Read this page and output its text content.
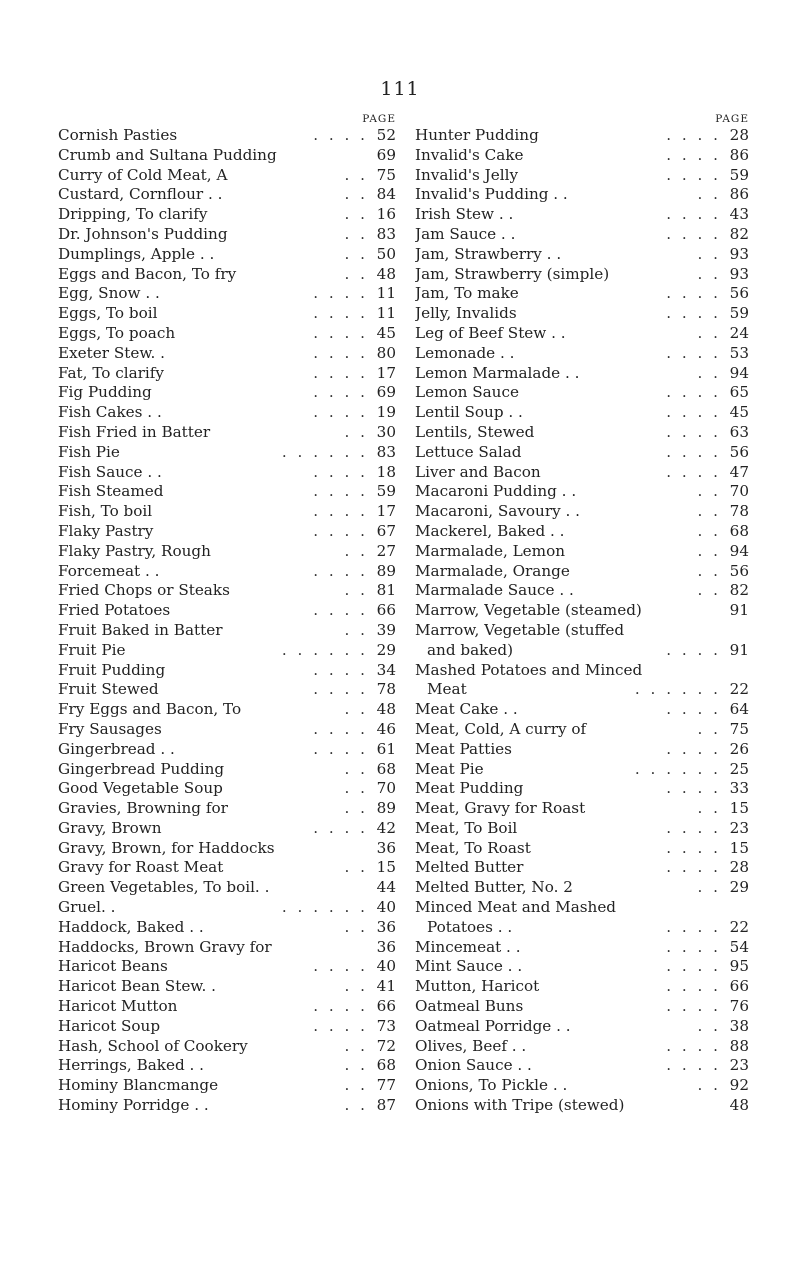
111
PAGE
Cornish Pasties	. . . . 52
Crumb and Sultana Pudding	69
Curry of Cold Meat, A	. . 75
Custard, Cornflour . .	. . 84
Dripping, To clarify	. . 16
Dr. Johnson's Pudding	. . 83
Dumplings, Apple . .	. . 50
Eggs and Bacon, To fry	. . 48
Egg, Snow . .	. . . . 11
Eggs, To boil	. . . . 11
Eggs, To poach	. . . . 45
Exeter Stew. .	. . . . 80
Fat, To clarify	. . . . 17
Fig Pudding	. . . . 69
Fish Cakes . .	. . . . 19
Fish Fried in Batter	. . 30
Fish Pie	. . . . . . 83
Fish Sauce . .	. . . . 18
Fish Steamed	. . . . 59
Fish, To boil	. . . . 17
Flaky Pastry	. . . . 67
Flaky Pastry, Rough	. . 27
Forcemeat . .	. . . . 89
Fried Chops or Steaks	. . 81
Fried Potatoes	. . . . 66
Fruit Baked in Batter	. . 39
Fruit Pie	. . . . . . 29
Fruit Pudding	. . . . 34
Fruit Stewed	. . . . 78
Fry Eggs and Bacon, To	. . 48
Fry Sausages	. . . . 46
Gingerbread . .	. . . . 61
Gingerbread Pudding	. . 68
Good Vegetable Soup	. . 70
Gravies, Browning for	. . 89
Gravy, Brown	. . . . 42
Gravy, Brown, for Haddocks	36
Gravy for Roast Meat	. . 15
Green Vegetables, To boil. .	44
Gruel. .	. . . . . . 40
Haddock, Baked . .	. . 36
Haddocks, Brown Gravy for	36
Haricot Beans	. . . . 40
Haricot Bean Stew. .	. . 41
Haricot Mutton	. . . . 66
Haricot Soup	. . . . 73
Hash, School of Cookery	. . 72
Herrings, Baked . .	. . 68
Hominy Blancmange	. . 77
Hominy Porridge . .	. . 87
PAGE
Hunter Pudding	. . . . 28
Invalid's Cake	. . . . 86
Invalid's Jelly	. . . . 59
Invalid's Pudding . .	. . 86
Irish Stew . .	. . . . 43
Jam Sauce . .	. . . . 82
Jam, Strawberry . .	. . 93
Jam, Strawberry (simple)	. . 93
Jam, To make	. . . . 56
Jelly, Invalids	. . . . 59
Leg of Beef Stew . .	. . 24
Lemonade . .	. . . . 53
Lemon Marmalade . .	. . 94
Lemon Sauce	. . . . 65
Lentil Soup . .	. . . . 45
Lentils, Stewed	. . . . 63
Lettuce Salad	. . . . 56
Liver and Bacon	. . . . 47
Macaroni Pudding . .	. . 70
Macaroni, Savoury . .	. . 78
Mackerel, Baked . .	. . 68
Marmalade, Lemon	. . 94
Marmalade, Orange	. . 56
Marmalade Sauce . .	. . 82
Marrow, Vegetable (steamed)	91
Marrow, Vegetable (stuffed
and baked)	. . . . 91
Mashed Potatoes and Minced
Meat	. . . . . . 22
Meat Cake . .	. . . . 64
Meat, Cold, A curry of	. . 75
Meat Patties	. . . . 26
Meat Pie	. . . . . . 25
Meat Pudding	. . . . 33
Meat, Gravy for Roast	. . 15
Meat, To Boil	. . . . 23
Meat, To Roast	. . . . 15
Melted Butter	. . . . 28
Melted Butter, No. 2	. . 29
Minced Meat and Mashed
Potatoes . .	. . . . 22
Mincemeat . .	. . . . 54
Mint Sauce . .	. . . . 95
Mutton, Haricot	. . . . 66
Oatmeal Buns	. . . . 76
Oatmeal Porridge . .	. . 38
Olives, Beef . .	. . . . 88
Onion Sauce . .	. . . . 23
Onions, To Pickle . .	. . 92
Onions with Tripe (stewed)	48
